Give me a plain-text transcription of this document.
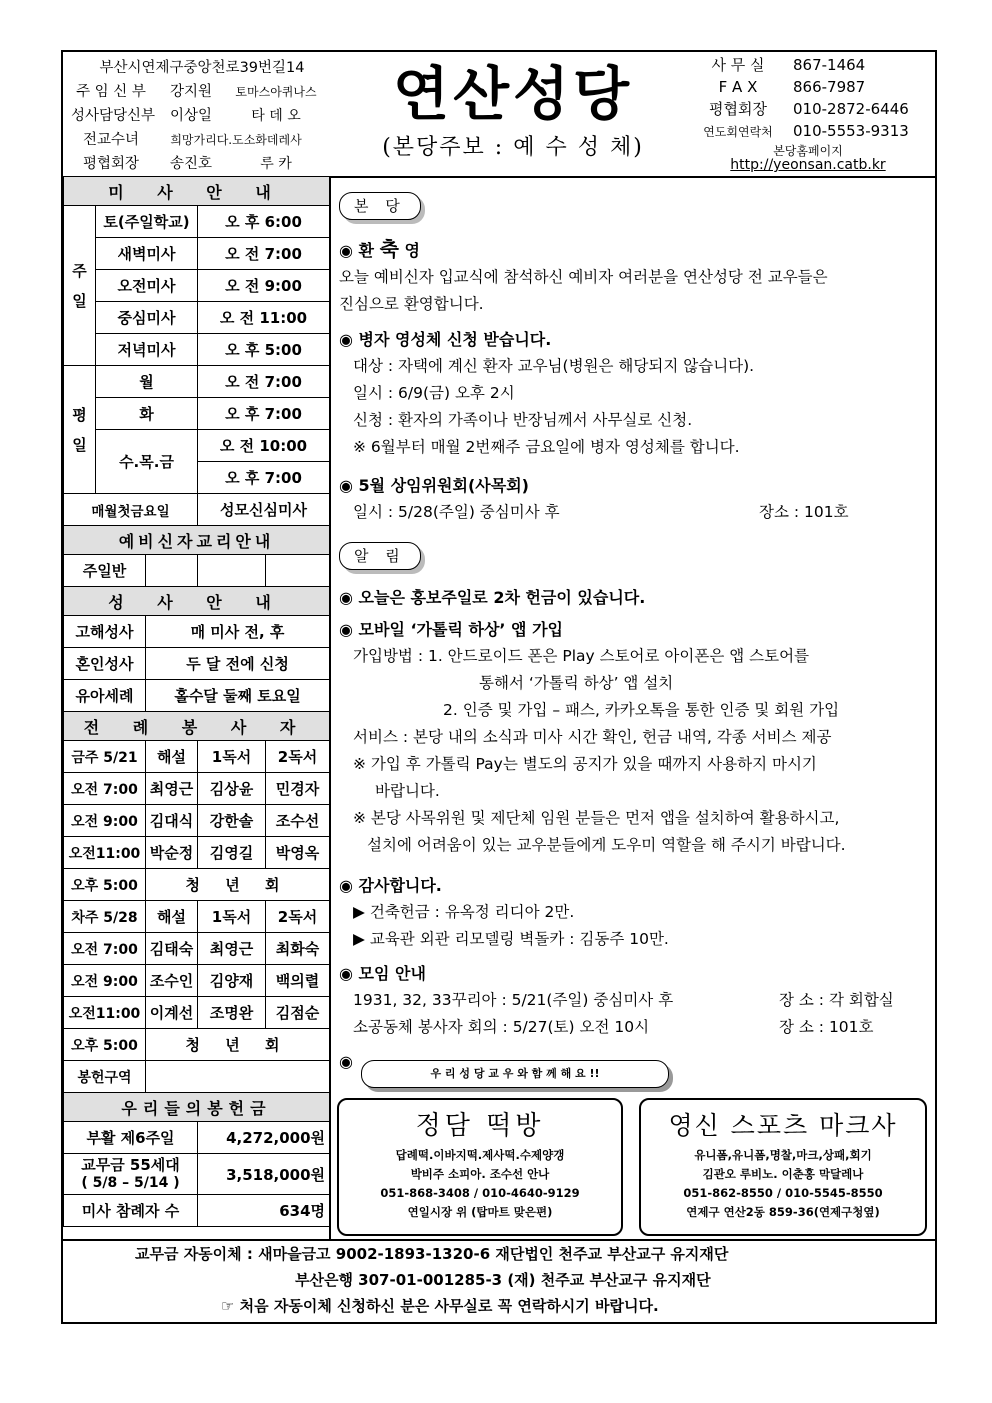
부산시연제구중앙천로39번길14
주 임 신 부 강지원 토마스아퀴나스
성사담당신부 이상일	타 데 오
전교수녀	희망가리다.도소화데레사
평협회장 송진호	루 카
연산성당
(본당주보 : 예 수 성 체)
사 무 실 867-1464
F A X 866-7987
평협회장 010-2872-6446
연도회연락처 010-5553-9313
본당홈페이지
http://yeonsan.catb.kr
미 사 안 내				
주 일	토(주일학교)		오 후 6:00	
	새벽미사		오 전 7:00	
	오전미사		오 전 9:00	
	중심미사		오 전 11:00	
	저녁미사		오 후 5:00	
평 일	월		오 전 7:00	
	화		오 후 7:00	
	수.목.금		오 전 10:00	
			오 후 7:00	
매월첫금요일			성모신심미사	
예비신자교리안내				
주일반				
성 사 안 내				
고해성사		매 미사 전, 후		
혼인성사		두 달 전에 신청		
유아세례		홀수달 둘째 토요일		
전 례 봉 사 자				
금주 5/21		해설	1독서	2독서
오전 7:00		최영근	김상윤	민경자
오전 9:00		김대식	강한솔	조수선
오전11:00		박순정	김영길	박영옥
오후 5:00		청 년 회		
차주 5/28		해설	1독서	2독서
오전 7:00		김태숙	최영근	최화숙
오전 9:00		조수인	김양재	백의렬
오전11:00		이계선	조명완	김점순
오후 5:00		청 년 회		
봉헌구역				
우리들의봉헌금				
부활 제6주일			4,272,000원	

교무금 55세대
( 5/8 – 5/14 )			3,518,000원	
미사 참례자 수			634명	
본 당
◉ 환 축 영
오늘 예비신자 입교식에 참석하신 예비자 여러분을 연산성당 전 교우들은
진심으로 환영합니다.
◉ 병자 영성체 신청 받습니다.
대상 : 자택에 계신 환자 교우님(병원은 해당되지 않습니다).
일시 : 6/9(금) 오후 2시
신청 : 환자의 가족이나 반장님께서 사무실로 신청.
※ 6월부터 매월 2번째주 금요일에 병자 영성체를 합니다.
◉ 5월 상임위원회(사목회)
일시 : 5/28(주일) 중심미사 후	장소 : 101호
알 림
◉ 오늘은 홍보주일로 2차 헌금이 있습니다.
◉ 모바일 ‘가톨릭 하상’ 앱 가입
가입방법 : 1. 안드로이드 폰은 Play 스토어로 아이폰은 앱 스토어를
통해서 ‘가톨릭 하상’ 앱 설치
2. 인증 및 가입 – 패스, 카카오톡을 통한 인증 및 회원 가입
서비스 : 본당 내의 소식과 미사 시간 확인, 헌금 내역, 각종 서비스 제공
※ 가입 후 가톨릭 Pay는 별도의 공지가 있을 때까지 사용하지 마시기
바랍니다.
※ 본당 사목위원 및 제단체 임원 분들은 먼저 앱을 설치하여 활용하시고,
설치에 어려움이 있는 교우분들에게 도우미 역할을 해 주시기 바랍니다.
◉ 감사합니다.
▶ 건축헌금 : 유옥정 리디아 2만.
▶ 교육관 외관 리모델링 벽돌카 : 김동주 10만.
◉ 모임 안내
1931, 32, 33꾸리아 : 5/21(주일) 중심미사 후	장 소 : 각 회합실
소공동체 봉사자 회의 : 5/27(토) 오전 10시	장 소 : 101호
◉
우 리 성 당 교 우 와 함 께 해 요 !!
정담 떡방
답례떡.이바지떡.제사떡.수제양갱
박비주 소피아. 조수선 안나
051-868-3408 / 010-4640-9129
연일시장 위 (탑마트 맞은편)
영신 스포츠 마크사
유니폼,유니폼,명찰,마크,상패,회기
김관오 루비노. 이춘홍 막달레나
051-862-8550 / 010-5545-8550
연제구 연산2동 859-36(연제구청옆)
교무금 자동이체 : 새마을금고 9002-1893-1320-6 재단법인 천주교 부산교구 유지재단
부산은행 307-01-001285-3 (재) 천주교 부산교구 유지재단
☞ 처음 자동이체 신청하신 분은 사무실로 꼭 연락하시기 바랍니다.
